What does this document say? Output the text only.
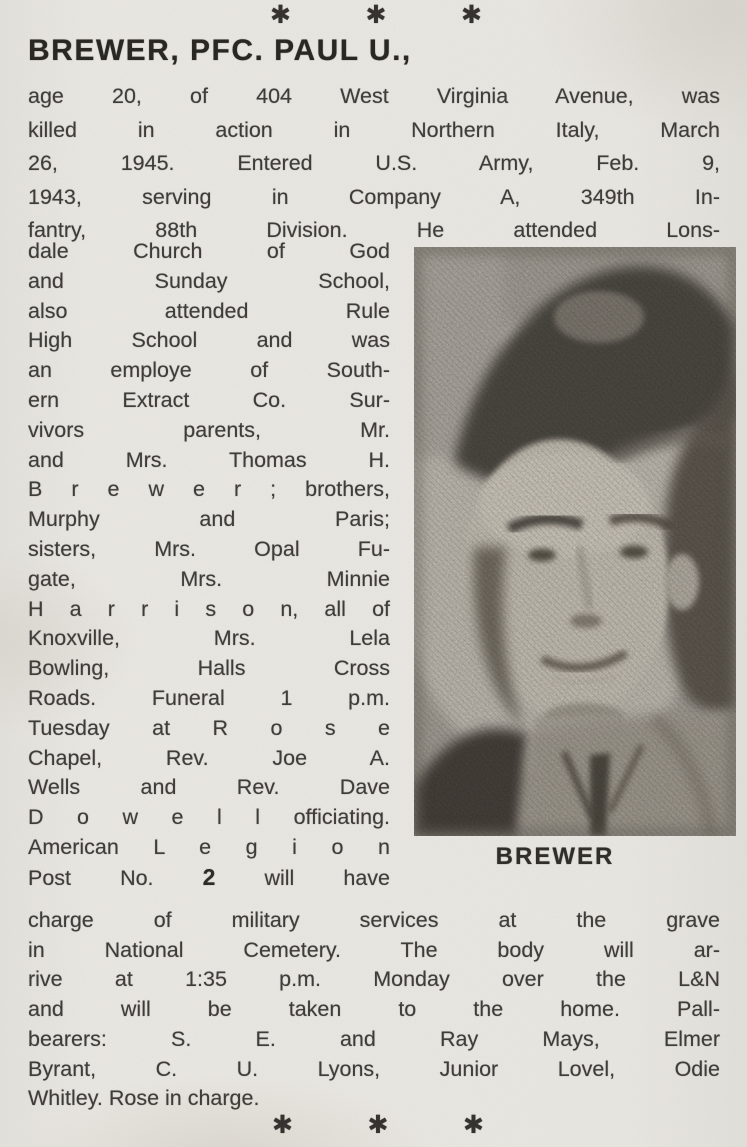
✱	✱	✱
BREWER, PFC. PAUL U.,
age 20, of 404 West Virginia Avenue, was
killed in action in Northern Italy, March
26, 1945. Entered U.S. Army, Feb. 9,
1943, serving in Company A, 349th In-
fantry, 88th Division. He attended Lons-
dale Church of God
and Sunday School,
also attended Rule
High School and was
an employe of South-
ern Extract Co. Sur-
vivors parents, Mr.
and Mrs. Thomas H.
B r e w e r ; brothers,
Murphy and Paris;
sisters, Mrs. Opal Fu-
gate, Mrs. Minnie
H a r r i s o n, all of
Knoxville, Mrs. Lela
Bowling, Halls Cross
Roads. Funeral 1 p.m.
Tuesday at R o s e
Chapel, Rev. Joe A.
Wells and Rev. Dave
D o w e l l officiating.
American L e g i o n
Post No. 2 will have
BREWER
charge of military services at the grave
in National Cemetery. The body will ar-
rive at 1:35 p.m. Monday over the L&N
and will be taken to the home. Pall-
bearers: S. E. and Ray Mays, Elmer
Byrant, C. U. Lyons, Junior Lovel, Odie
Whitley. Rose in charge.
✱	✱	✱
